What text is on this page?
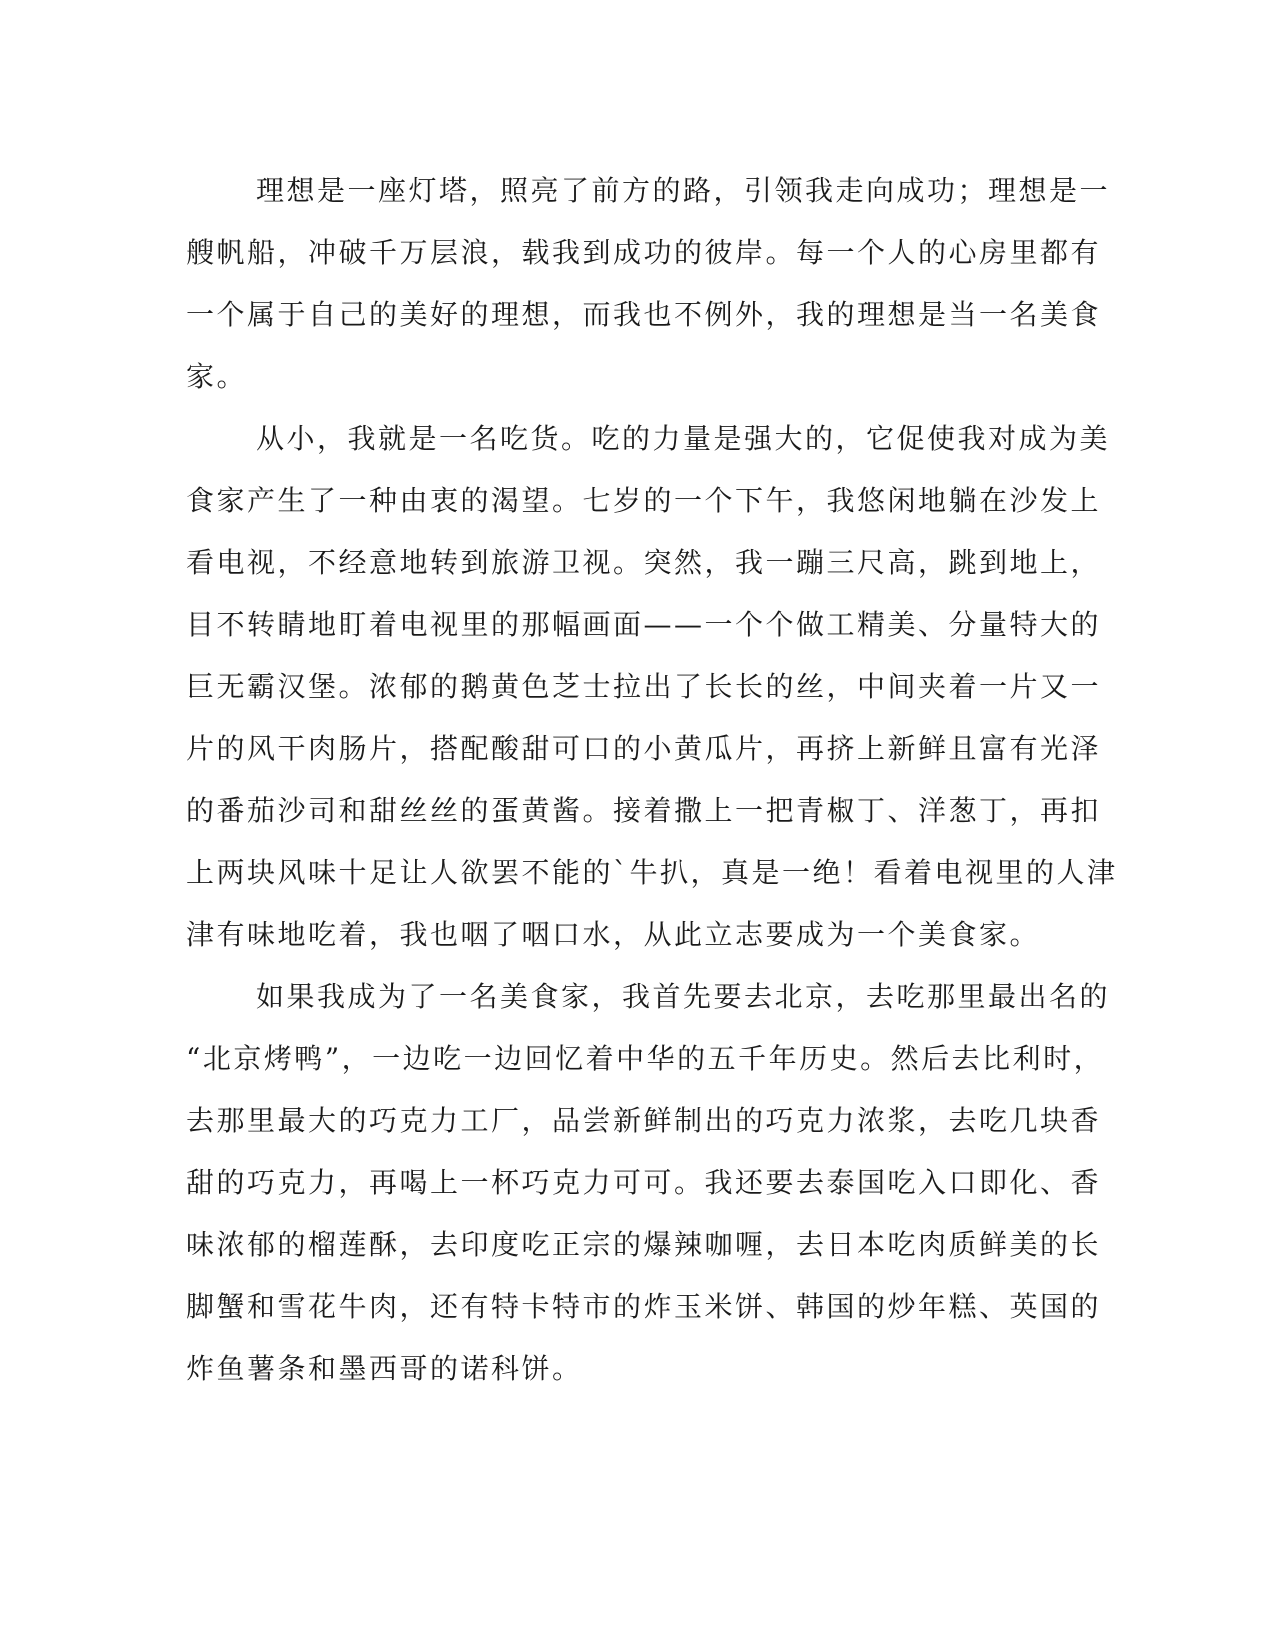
理想是一座灯塔，照亮了前方的路，引领我走向成功；理想是一
艘帆船，冲破千万层浪，载我到成功的彼岸。每一个人的心房里都有
一个属于自己的美好的理想，而我也不例外，我的理想是当一名美食
家。
从小，我就是一名吃货。吃的力量是强大的，它促使我对成为美
食家产生了一种由衷的渴望。七岁的一个下午，我悠闲地躺在沙发上
看电视，不经意地转到旅游卫视。突然，我一蹦三尺高，跳到地上，
目不转睛地盯着电视里的那幅画面——一个个做工精美、分量特大的
巨无霸汉堡。浓郁的鹅黄色芝士拉出了长长的丝，中间夹着一片又一
片的风干肉肠片，搭配酸甜可口的小黄瓜片，再挤上新鲜且富有光泽
的番茄沙司和甜丝丝的蛋黄酱。接着撒上一把青椒丁、洋葱丁，再扣
上两块风味十足让人欲罢不能的`牛扒，真是一绝！看着电视里的人津
津有味地吃着，我也咽了咽口水，从此立志要成为一个美食家。
如果我成为了一名美食家，我首先要去北京，去吃那里最出名的
“北京烤鸭”，一边吃一边回忆着中华的五千年历史。然后去比利时，
去那里最大的巧克力工厂，品尝新鲜制出的巧克力浓浆，去吃几块香
甜的巧克力，再喝上一杯巧克力可可。我还要去泰国吃入口即化、香
味浓郁的榴莲酥，去印度吃正宗的爆辣咖喱，去日本吃肉质鲜美的长
脚蟹和雪花牛肉，还有特卡特市的炸玉米饼、韩国的炒年糕、英国的
炸鱼薯条和墨西哥的诺科饼。
